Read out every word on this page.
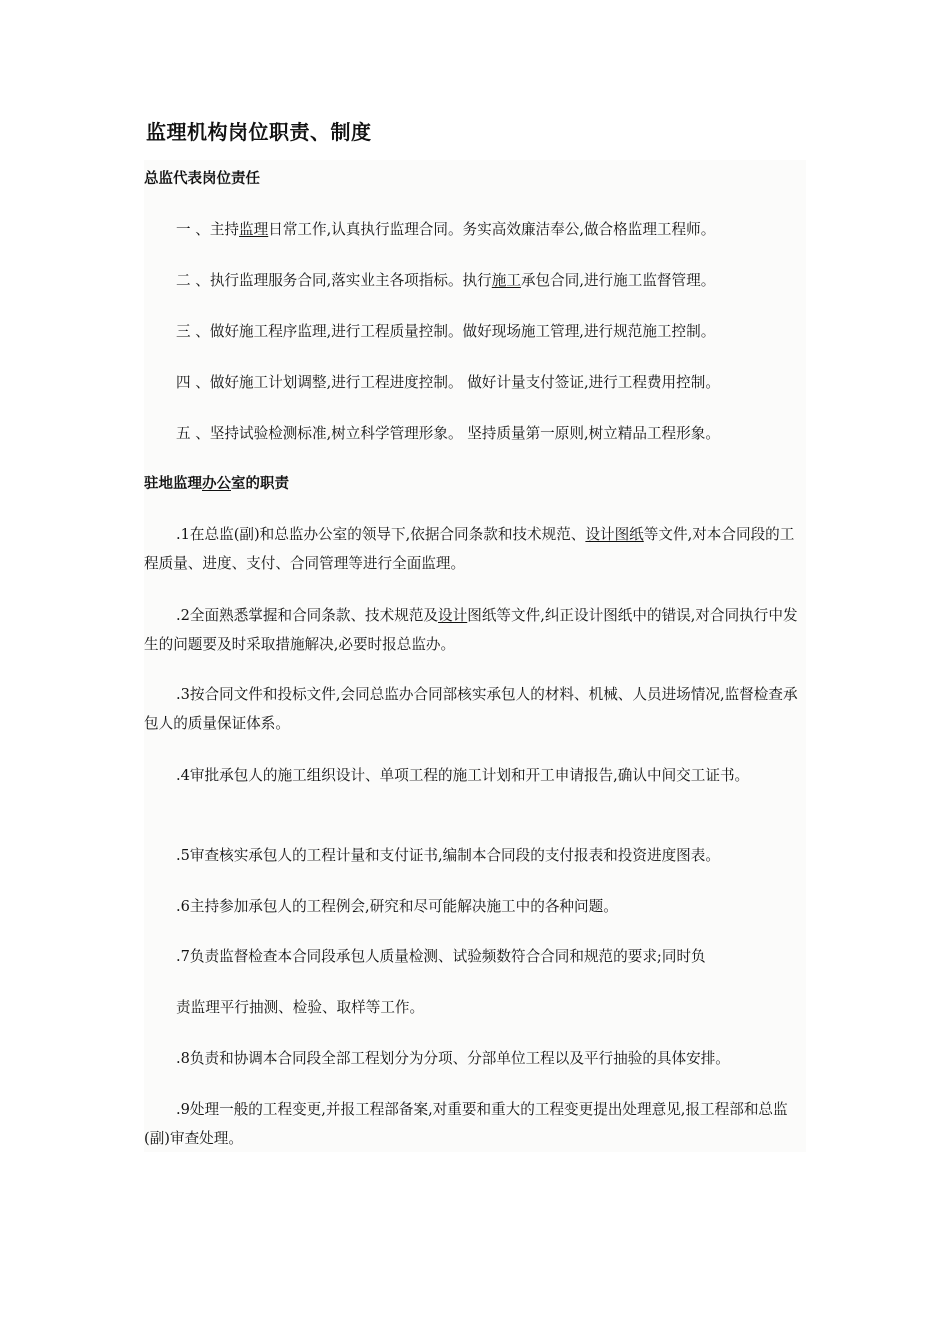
监理机构岗位职责、制度

总监代表岗位责任

一 、主持监理日常工作,认真执行监理合同。务实高效廉洁奉公,做合格监理工程师。

二 、执行监理服务合同,落实业主各项指标。执行施工承包合同,进行施工监督管理。

三 、做好施工程序监理,进行工程质量控制。做好现场施工管理,进行规范施工控制。

四 、做好施工计划调整,进行工程进度控制。 做好计量支付签证,进行工程费用控制。

五 、坚持试验检测标准,树立科学管理形象。 坚持质量第一原则,树立精品工程形象。

驻地监理办公室的职责

.1在总监(副)和总监办公室的领导下,依据合同条款和技术规范、设计图纸等文件,对本合同段的工程质量、进度、支付、合同管理等进行全面监理。

.2全面熟悉掌握和合同条款、技术规范及设计图纸等文件,纠正设计图纸中的错误,对合同执行中发生的问题要及时采取措施解决,必要时报总监办。

.3按合同文件和投标文件,会同总监办合同部核实承包人的材料、机械、人员进场情况,监督检查承包人的质量保证体系。

.4审批承包人的施工组织设计、单项工程的施工计划和开工申请报告,确认中间交工证书。

.5审查核实承包人的工程计量和支付证书,编制本合同段的支付报表和投资进度图表。

.6主持参加承包人的工程例会,研究和尽可能解决施工中的各种问题。

.7负责监督检查本合同段承包人质量检测、试验频数符合合同和规范的要求;同时负

责监理平行抽测、检验、取样等工作。

.8负责和协调本合同段全部工程划分为分项、分部单位工程以及平行抽验的具体安排。

.9处理一般的工程变更,并报工程部备案,对重要和重大的工程变更提出处理意见,报工程部和总监(副)审查处理。
